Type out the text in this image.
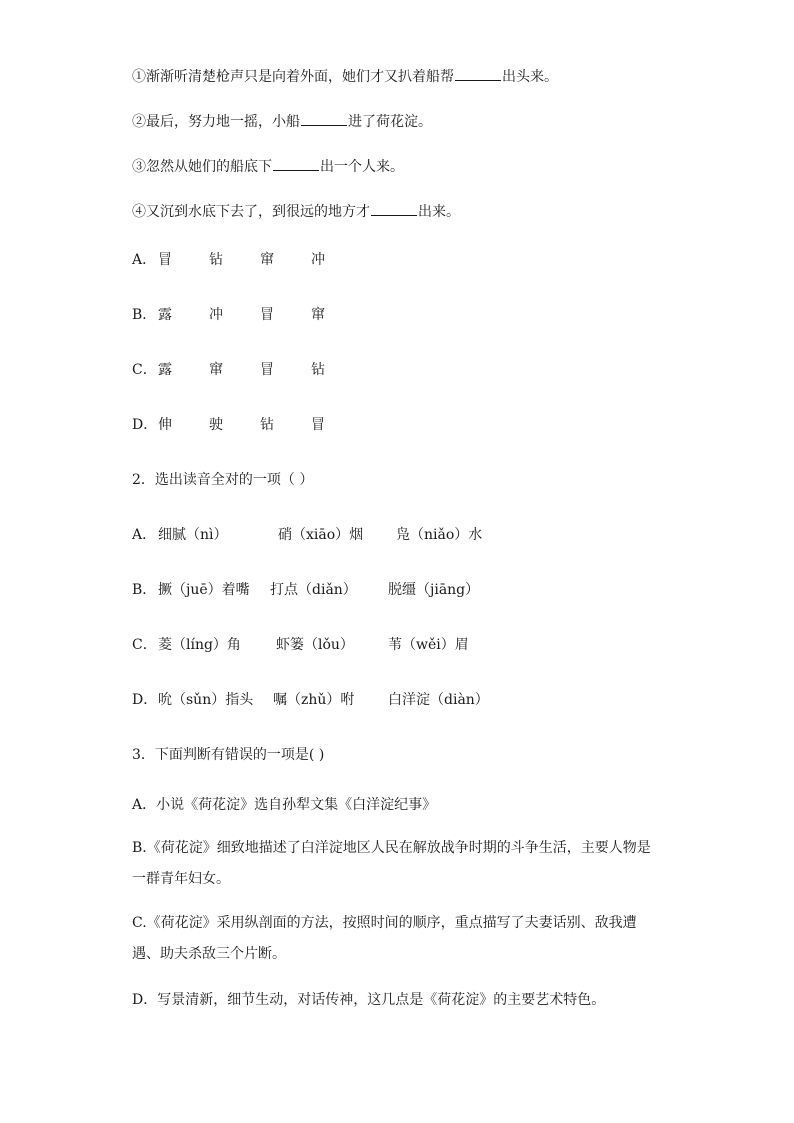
①渐渐听清楚枪声只是向着外面，她们才又扒着船帮	出头来。
②最后，努力地一摇，小船	进了荷花淀。
③忽然从她们的船底下	出一个人来。
④又沉到水底下去了，到很远的地方才	出来。
A． 冒	钻	窜	冲
B． 露	冲	冒	窜
C．露	窜	冒	钻
D．伸	驶	钻	冒
2．选出读音全对的一项（ ）
A． 细腻（nì）	硝（xiāo）烟 凫（niǎo）水
B． 撅（juē）着嘴 打点（diǎn） 脱缰（jiāng）
C．菱（líng）角	虾篓（lǒu） 苇（wěi）眉
D．吮（sǔn）指头 嘱（zhǔ）咐 白洋淀（diàn）
3．下面判断有错误的一项是( )
A．小说《荷花淀》选自孙犁文集《白洋淀纪事》
B.《荷花淀》细致地描述了白洋淀地区人民在解放战争时期的斗争生活，主要人物是一群青年妇女。
C.《荷花淀》采用纵剖面的方法，按照时间的顺序，重点描写了夫妻话别、敌我遭遇、助夫杀敌三个片断。
D．写景清新，细节生动，对话传神，这几点是《荷花淀》的主要艺术特色。
